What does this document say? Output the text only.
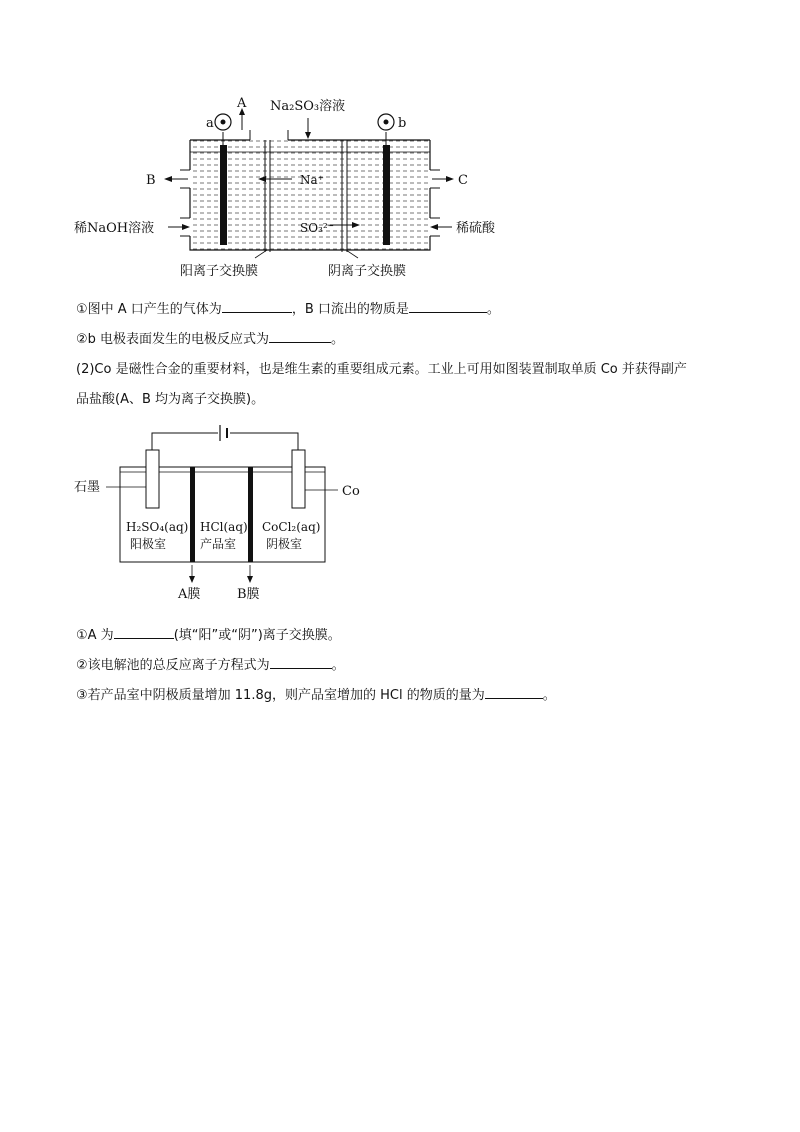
a	b
A Na₂SO₃溶液
B	C
稀NaOH溶液	稀硫酸
Na⁺
SO₃²⁻
阳离子交换膜	阴离子交换膜
①图中 A 口产生的气体为	，B 口流出的物质是	。
②b 电极表面发生的电极反应式为	。
(2)Co 是磁性合金的重要材料，也是维生素的重要组成元素。工业上可用如图装置制取单质 Co 并获得副产
品盐酸(A、B 均为离子交换膜)。
石墨	Co
H₂SO₄(aq)
阳极室
HCl(aq)
产品室
CoCl₂(aq)
阴极室
A膜	B膜
①A 为	(填“阳”或“阴”)离子交换膜。
②该电解池的总反应离子方程式为	。
③若产品室中阴极质量增加 11.8g，则产品室增加的 HCl 的物质的量为	。
